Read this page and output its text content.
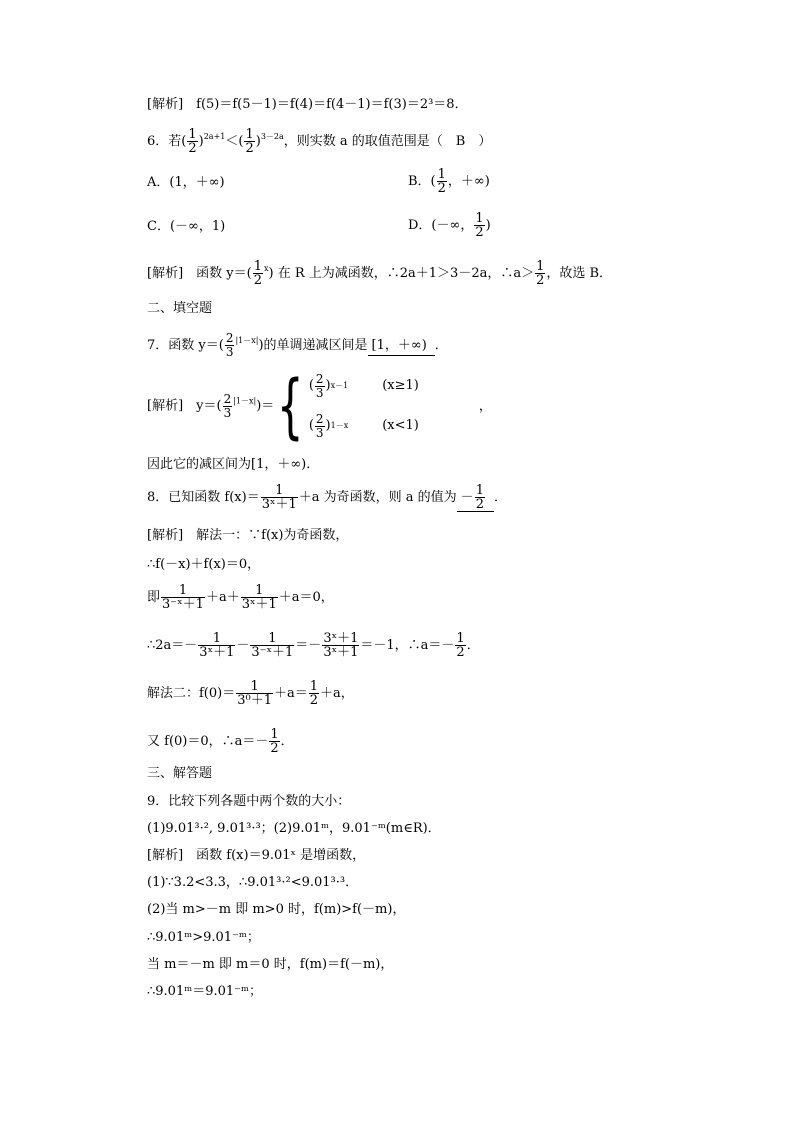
[解析]　f(5)＝f(5－1)＝f(4)＝f(4－1)＝f(3)＝2³＝8．
6．若( $\frac{1}{2} )^{2a+1}<( \frac{1}{2} )^{3-2a}$，则实数 a 的取值范围是（　B　）
A．(1，＋∞)	B．( $\frac{1}{2}$ ，＋∞)
C．(－∞，1)	D．(－∞， $\frac{1}{2}$ )
[解析]　函数 $y=( \frac{1}{2} ^x)$ 在 R 上为减函数，∴2a＋1＞3－2a，∴a＞ $\frac{1}{2}$ ，故选 B．
二、填空题
7．函数 $y=( \frac{2}{3} ^{|1-x|})$的单调递减区间是 [1，＋∞) ．
[解析]　$y=( \frac{2}{3} ^{|1-x|})=${ ( $\frac{2}{3}$ ) x－1	(x≥1)
( $\frac{2}{3}$ ) 1－x	(x<1)
，
因此它的减区间为[1，＋∞)．
8．已知函数 $f(x)= \frac{1}{\text{3ˣ＋1}} +a$ 为奇函数，则 a 的值为 － $\frac{1}{2}$ ．
[解析]　解法一：∵f(x)为奇函数，
∴f(－x)＋f(x)＝0，
即 $\frac{1}{\text{3⁻ˣ＋1}} +a+ \frac{1}{\text{3ˣ＋1}} +a=0$，
∴2a＝－ $\frac{1}{\text{3ˣ＋1}} - \frac{1}{\text{3⁻ˣ＋1}} =- \frac{\text{3ˣ＋1}}{\text{3ˣ＋1}} =-1$，∴a＝－ $\frac{1}{2}$ ．
解法二：$f(0)= \frac{1}{\text{3⁰＋1}} +a= \frac{1}{2} +a$，
又 f(0)＝0，∴a＝－ $\frac{1}{2}$ ．
三、解答题
9．比较下列各题中两个数的大小：
(1)9.01³·², 9.01³·³；(2)9.01ᵐ，9.01⁻ᵐ(m∈R)．
[解析]　函数 f(x)＝9.01ˣ 是增函数，
(1)∵3.2<3.3，∴9.01³·²<9.01³·³．
(2)当 m>－m 即 m>0 时，f(m)>f(－m)，
∴9.01ᵐ>9.01⁻ᵐ；
当 m＝－m 即 m＝0 时，f(m)＝f(－m)，
∴9.01ᵐ＝9.01⁻ᵐ；
